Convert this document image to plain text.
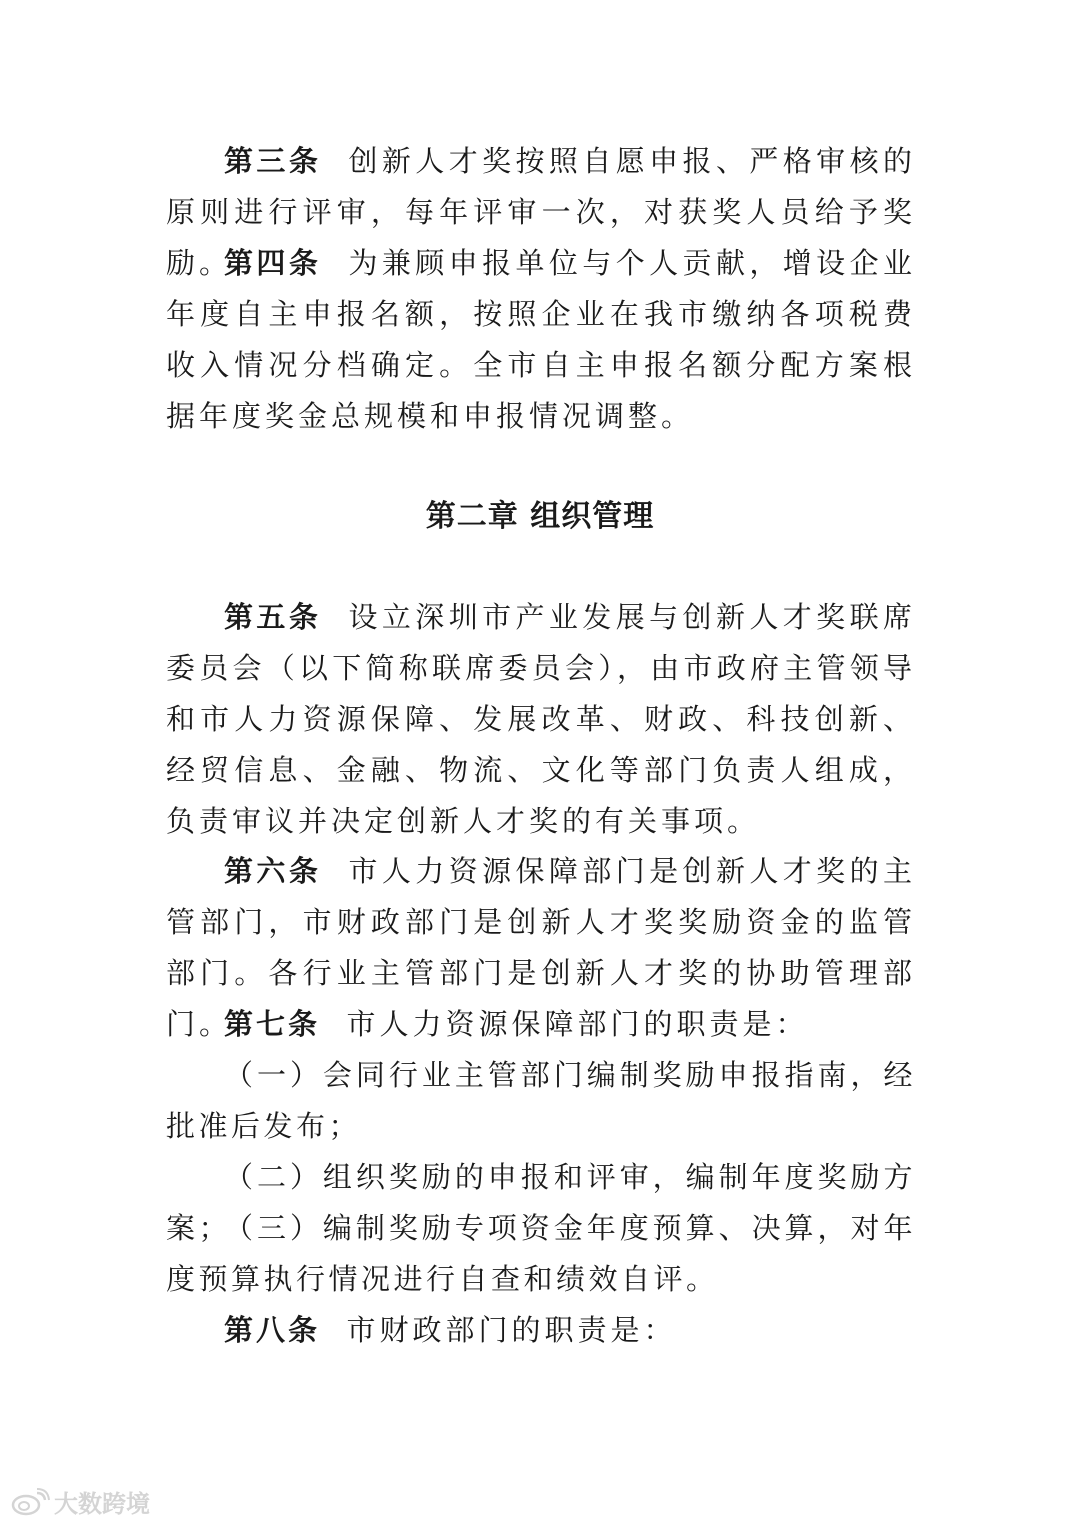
第三条 创新人才奖按照自愿申报、严格审核的原则进行评审，每年评审一次，对获奖人员给予奖励。

第四条 为兼顾申报单位与个人贡献，增设企业年度自主申报名额，按照企业在我市缴纳各项税费收入情况分档确定。全市自主申报名额分配方案根据年度奖金总规模和申报情况调整。

第二章 组织管理

第五条 设立深圳市产业发展与创新人才奖联席委员会（以下简称联席委员会），由市政府主管领导和市人力资源保障、发展改革、财政、科技创新、经贸信息、金融、物流、文化等部门负责人组成，负责审议并决定创新人才奖的有关事项。

第六条 市人力资源保障部门是创新人才奖的主管部门，市财政部门是创新人才奖奖励资金的监管部门。各行业主管部门是创新人才奖的协助管理部门。

第七条 市人力资源保障部门的职责是：

（一）会同行业主管部门编制奖励申报指南，经批准后发布；

（二）组织奖励的申报和评审，编制年度奖励方案；

（三）编制奖励专项资金年度预算、决算，对年度预算执行情况进行自查和绩效自评。

第八条 市财政部门的职责是：

大数跨境
